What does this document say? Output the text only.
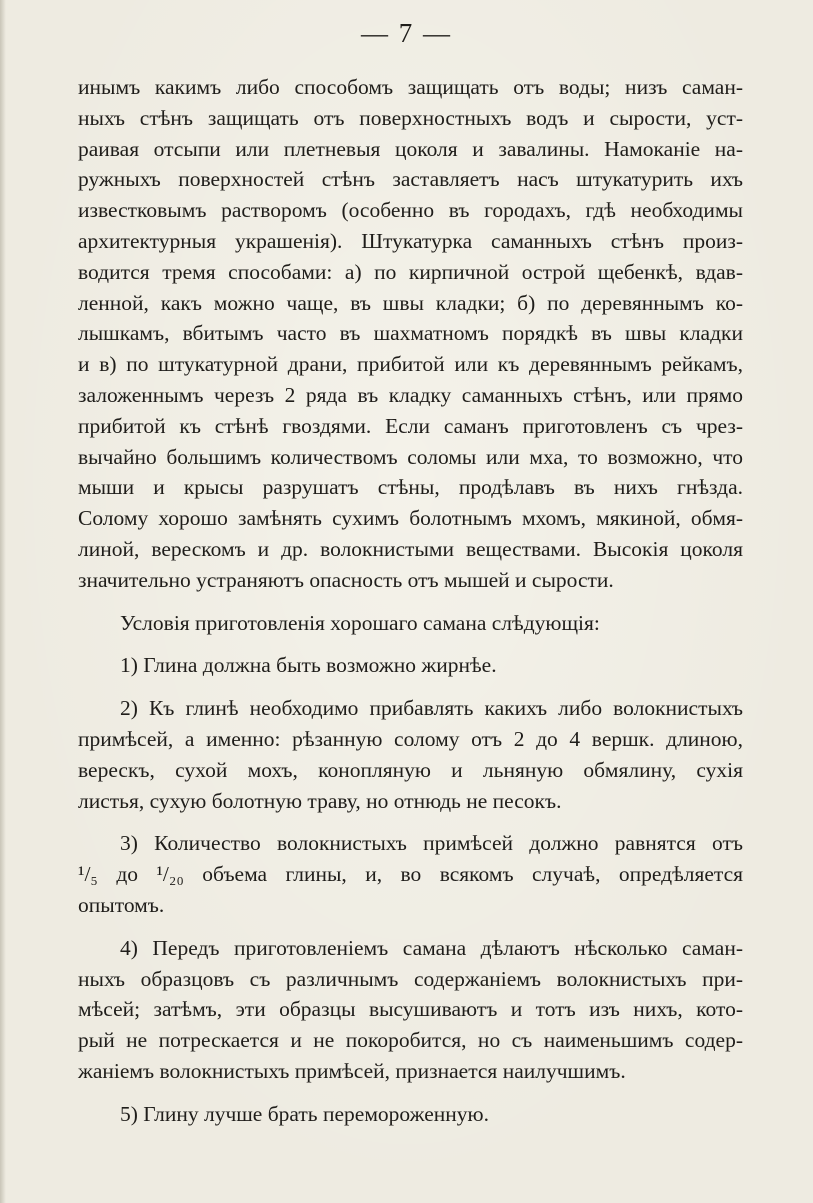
— 7 —

инымъ какимъ либо способомъ защищать отъ воды; низъ саман-
ныхъ стѣнъ защищать отъ поверхностныхъ водъ и сырости, уст-
раивая отсыпи или плетневыя цоколя и завалины. Намоканіе на-
ружныхъ поверхностей стѣнъ заставляетъ насъ штукатурить ихъ
известковымъ растворомъ (особенно въ городахъ, гдѣ необходимы
архитектурныя украшенія). Штукатурка саманныхъ стѣнъ произ-
водится тремя способами: а) по кирпичной острой щебенкѣ, вдав-
ленной, какъ можно чаще, въ швы кладки; б) по деревяннымъ ко-
лышкамъ, вбитымъ часто въ шахматномъ порядкѣ въ швы кладки
и в) по штукатурной драни, прибитой или къ деревяннымъ рейкамъ,
заложеннымъ черезъ 2 ряда въ кладку саманныхъ стѣнъ, или прямо
прибитой къ стѣнѣ гвоздями. Если саманъ приготовленъ съ чрез-
вычайно большимъ количествомъ соломы или мха, то возможно, что
мыши и крысы разрушатъ стѣны, продѣлавъ въ нихъ гнѣзда.
Солому хорошо замѣнять сухимъ болотнымъ мхомъ, мякиной, обмя-
линой, верескомъ и др. волокнистыми веществами. Высокія цоколя
значительно устраняютъ опасность отъ мышей и сырости.

Условія приготовленія хорошаго самана слѣдующія:

1) Глина должна быть возможно жирнѣе.

2) Къ глинѣ необходимо прибавлять какихъ либо волокнистыхъ
примѣсей, а именно: рѣзанную солому отъ 2 до 4 вершк. длиною,
верескъ, сухой мохъ, конопляную и льняную обмялину, сухія
листья, сухую болотную траву, но отнюдь не песокъ.

3) Количество волокнистыхъ примѣсей должно равнятся отъ
¹/₅ до ¹/₂₀ объема глины, и, во всякомъ случаѣ, опредѣляется
опытомъ.

4) Передъ приготовленіемъ самана дѣлаютъ нѣсколько саман-
ныхъ образцовъ съ различнымъ содержаніемъ волокнистыхъ при-
мѣсей; затѣмъ, эти образцы высушиваютъ и тотъ изъ нихъ, кото-
рый не потрескается и не покоробится, но съ наименьшимъ содер-
жаніемъ волокнистыхъ примѣсей, признается наилучшимъ.

5) Глину лучше брать перемороженную.
